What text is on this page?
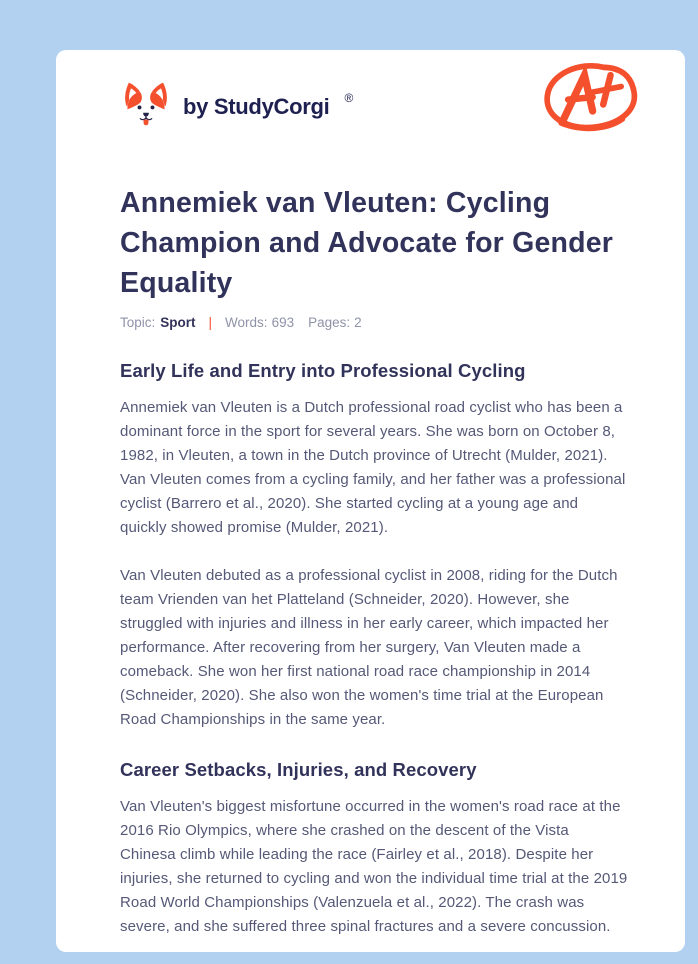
by StudyCorgi ®
Annemiek van Vleuten: Cycling Champion and Advocate for Gender Equality
Topic: Sport | Words: 693 Pages: 2
Early Life and Entry into Professional Cycling

Annemiek van Vleuten is a Dutch professional road cyclist who has been a dominant force in the sport for several years. She was born on October 8, 1982, in Vleuten, a town in the Dutch province of Utrecht (Mulder, 2021). Van Vleuten comes from a cycling family, and her father was a professional cyclist (Barrero et al., 2020). She started cycling at a young age and quickly showed promise (Mulder, 2021).

Van Vleuten debuted as a professional cyclist in 2008, riding for the Dutch team Vrienden van het Platteland (Schneider, 2020). However, she struggled with injuries and illness in her early career, which impacted her performance. After recovering from her surgery, Van Vleuten made a comeback. She won her first national road race championship in 2014 (Schneider, 2020). She also won the women's time trial at the European Road Championships in the same year.

Career Setbacks, Injuries, and Recovery

Van Vleuten's biggest misfortune occurred in the women's road race at the 2016 Rio Olympics, where she crashed on the descent of the Vista Chinesa climb while leading the race (Fairley et al., 2018). Despite her injuries, she returned to cycling and won the individual time trial at the 2019 Road World Championships (Valenzuela et al., 2022). The crash was severe, and she suffered three spinal fractures and a severe concussion.
